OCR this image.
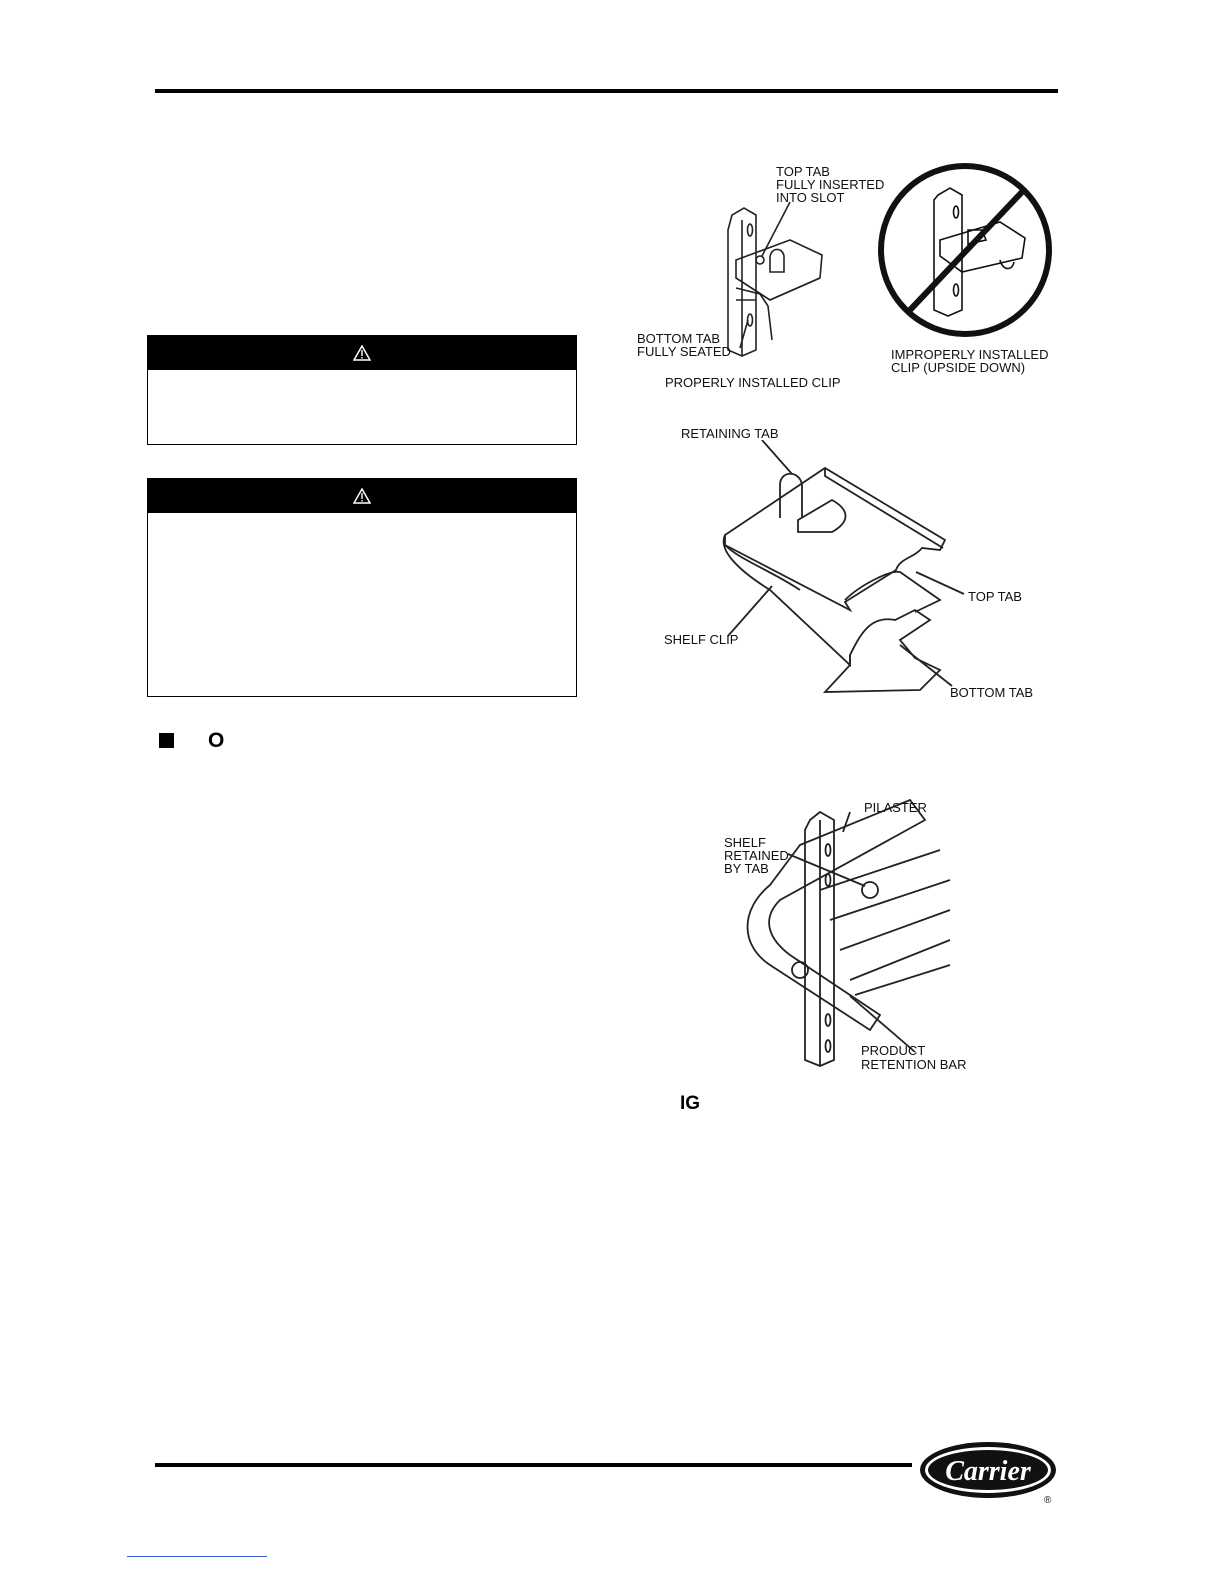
O
TOP TAB
FULLY INSERTED
INTO SLOT
BOTTOM TAB
FULLY SEATED
PROPERLY INSTALLED CLIP
IMPROPERLY INSTALLED
CLIP (UPSIDE DOWN)
RETAINING TAB
TOP TAB
SHELF CLIP
BOTTOM TAB
PILASTER
SHELF
RETAINED
BY TAB
PRODUCT
RETENTION BAR
IG
Carrier
®
